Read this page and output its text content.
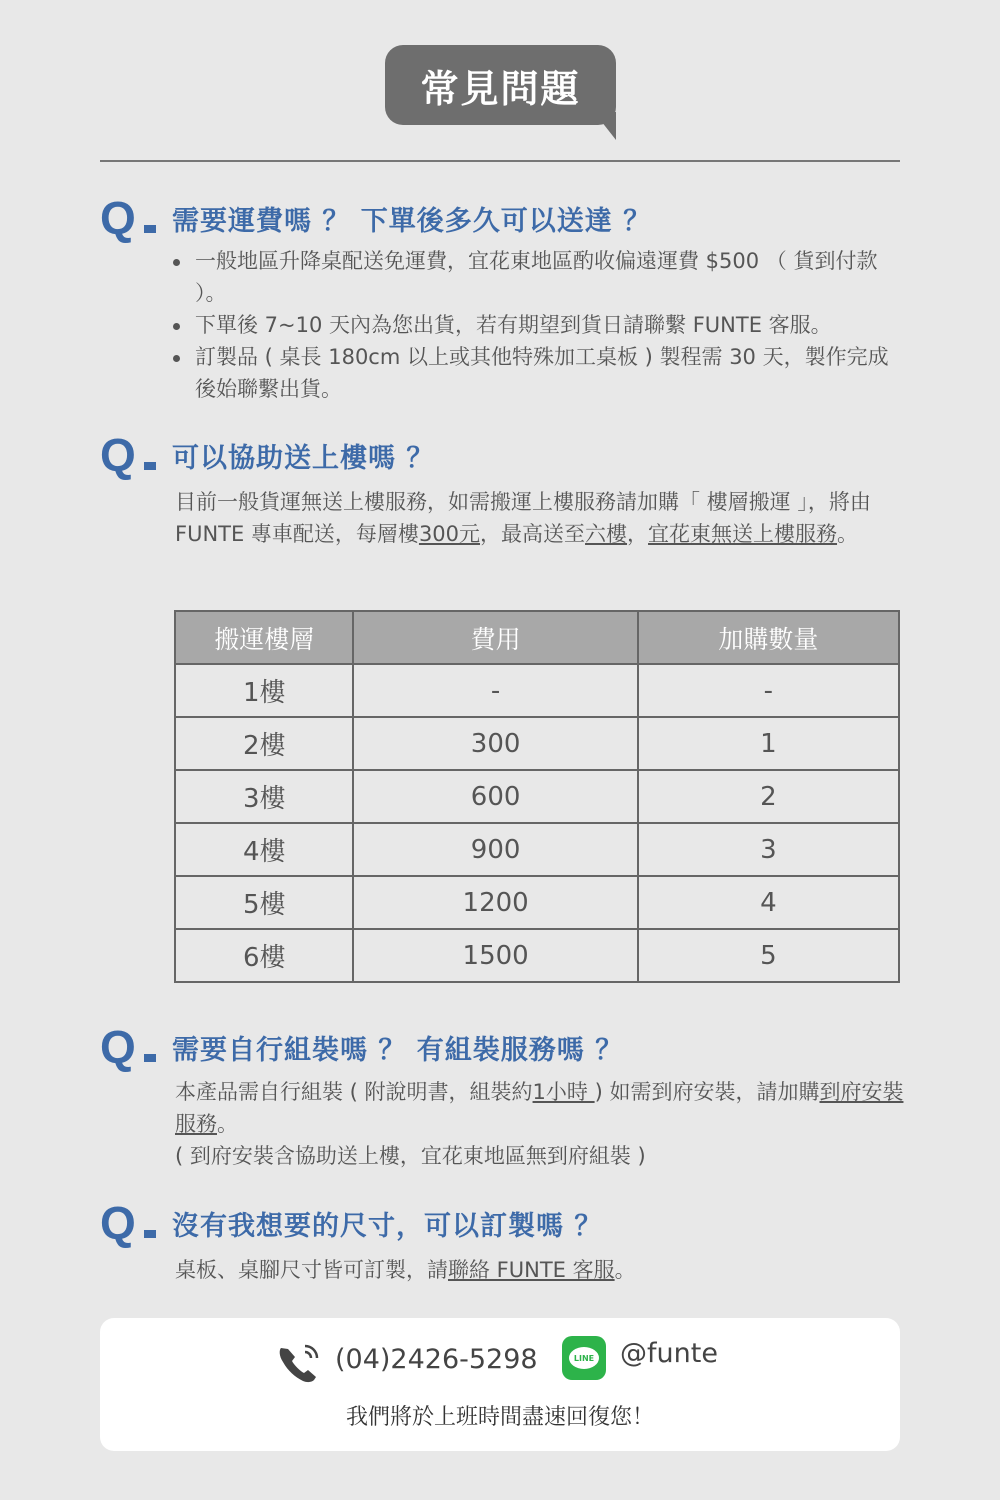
常見問題
Q	需要運費嗎 ？ 下單後多久可以送達 ？
一般地區升降桌配送免運費，宜花東地區酌收偏遠運費 $500 （ 貨到付款 ）。
下單後 7~10 天內為您出貨，若有期望到貨日請聯繫 FUNTE 客服。
訂製品 ( 桌長 180cm 以上或其他特殊加工桌板 ) 製程需 30 天，製作完成後始聯繫出貨。
Q	可以協助送上樓嗎 ？
目前一般貨運無送上樓服務，如需搬運上樓服務請加購「 樓層搬運 」，將由 FUNTE 專車配送，每層樓300元，最高送至六樓，宜花東無送上樓服務。
搬運樓層	費用	加購數量
1樓	-	-
2樓	300	1
3樓	600	2
4樓	900	3
5樓	1200	4
6樓	1500	5
Q	需要自行組裝嗎 ？ 有組裝服務嗎 ？
本產品需自行組裝 ( 附說明書，組裝約1小時 ) 如需到府安裝，請加購到府安裝服務。
( 到府安裝含協助送上樓，宜花東地區無到府組裝 )
Q	沒有我想要的尺寸，可以訂製嗎 ？
桌板、桌腳尺寸皆可訂製，請聯絡 FUNTE 客服。
(04)2426-5298	LINE @funte
我們將於上班時間盡速回復您！
